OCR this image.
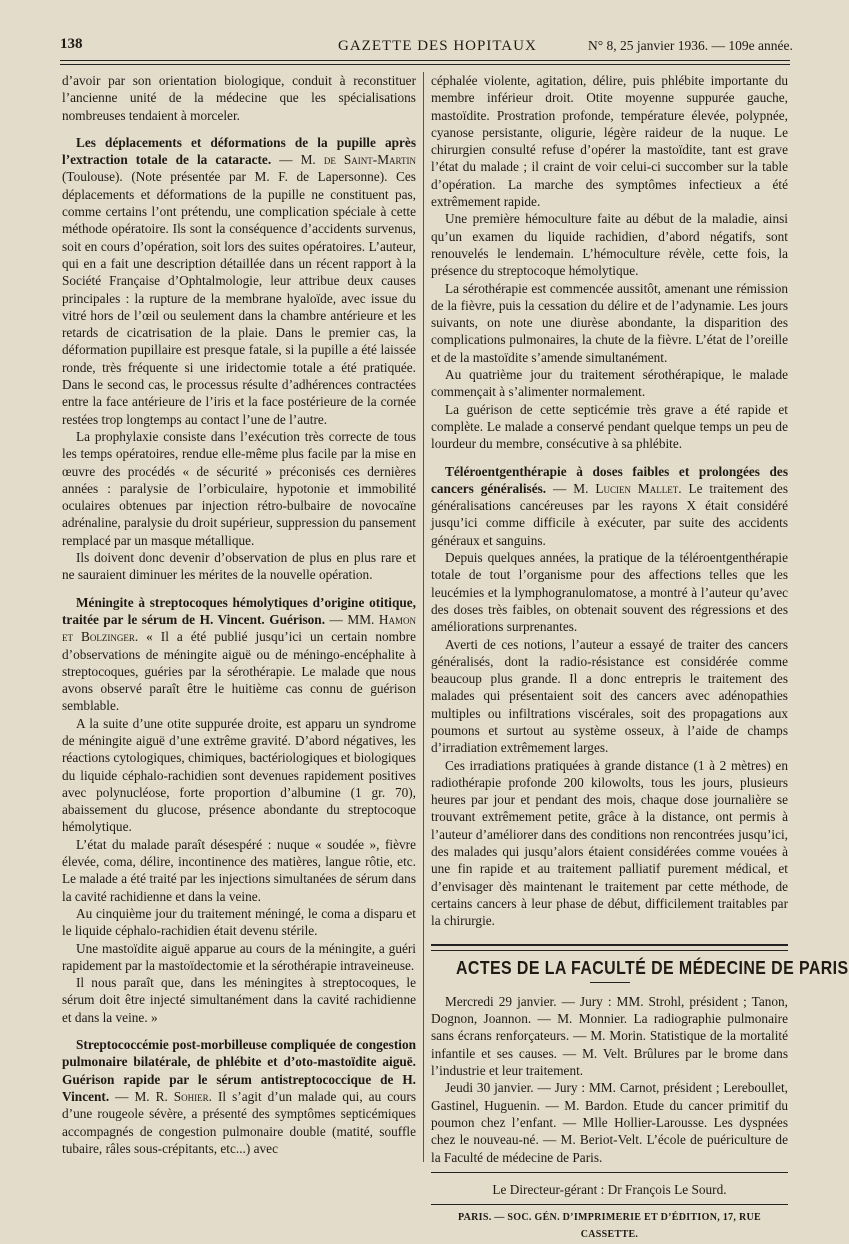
138	GAZETTE DES HOPITAUX	N° 8, 25 janvier 1936. — 109e année.

d’avoir par son orientation biologique, conduit à reconstituer l’ancienne unité de la médecine que les spécialisations nombreuses tendaient à morceler.

Les déplacements et déformations de la pupille après l’extraction totale de la cataracte. — M. de Saint-Martin (Toulouse). (Note présentée par M. F. de Lapersonne). Ces déplacements et déformations de la pupille ne constituent pas, comme certains l’ont prétendu, une complication spéciale à cette méthode opératoire. Ils sont la conséquence d’accidents survenus, soit en cours d’opération, soit lors des suites opératoires. L’auteur, qui en a fait une description détaillée dans un récent rapport à la Société Française d’Ophtalmologie, leur attribue deux causes principales : la rupture de la membrane hyaloïde, avec issue du vitré hors de l’œil ou seulement dans la chambre antérieure et les retards de cicatrisation de la plaie. Dans le premier cas, la déformation pupillaire est presque fatale, si la pupille a été laissée ronde, très fréquente si une iridectomie totale a été pratiquée. Dans le second cas, le processus résulte d’adhérences contractées entre la face antérieure de l’iris et la face postérieure de la cornée restées trop longtemps au contact l’une de l’autre.

La prophylaxie consiste dans l’exécution très correcte de tous les temps opératoires, rendue elle-même plus facile par la mise en œuvre des procédés « de sécurité » préconisés ces dernières années : paralysie de l’orbiculaire, hypotonie et immobilité oculaires obtenues par injection rétro-bulbaire de novocaïne adrénaline, paralysie du droit supérieur, suppression du pansement remplacé par un masque métallique.

Ils doivent donc devenir d’observation de plus en plus rare et ne sauraient diminuer les mérites de la nouvelle opération.

Méningite à streptocoques hémolytiques d’origine otitique, traitée par le sérum de H. Vincent. Guérison. — MM. Hamon et Bolzinger. « Il a été publié jusqu’ici un certain nombre d’observations de méningite aiguë ou de méningo-encéphalite à streptocoques, guéries par la sérothérapie. Le malade que nous avons observé paraît être le huitième cas connu de guérison semblable.

A la suite d’une otite suppurée droite, est apparu un syndrome de méningite aiguë d’une extrême gravité. D’abord négatives, les réactions cytologiques, chimiques, bactériologiques et biologiques du liquide céphalo-rachidien sont devenues rapidement positives avec polynucléose, forte proportion d’albumine (1 gr. 70), abaissement du glucose, présence abondante du streptocoque hémolytique.

L’état du malade paraît désespéré : nuque « soudée », fièvre élevée, coma, délire, incontinence des matières, langue rôtie, etc. Le malade a été traité par les injections simultanées de sérum dans la cavité rachidienne et dans la veine.

Au cinquième jour du traitement méningé, le coma a disparu et le liquide céphalo-rachidien était devenu stérile.

Une mastoïdite aiguë apparue au cours de la méningite, a guéri rapidement par la mastoïdectomie et la sérothérapie intraveineuse.

Il nous paraît que, dans les méningites à streptocoques, le sérum doit être injecté simultanément dans la cavité rachidienne et dans la veine. »

Streptococcémie post-morbilleuse compliquée de congestion pulmonaire bilatérale, de phlébite et d’oto-mastoïdite aiguë. Guérison rapide par le sérum antistreptococcique de H. Vincent. — M. R. Sohier. Il s’agit d’un malade qui, au cours d’une rougeole sévère, a présenté des symptômes septicémiques accompagnés de congestion pulmonaire double (matité, souffle tubaire, râles sous-crépitants, etc...) avec

céphalée violente, agitation, délire, puis phlébite importante du membre inférieur droit. Otite moyenne suppurée gauche, mastoïdite. Prostration profonde, température élevée, polypnée, cyanose persistante, oligurie, légère raideur de la nuque. Le chirurgien consulté refuse d’opérer la mastoïdite, tant est grave l’état du malade ; il craint de voir celui-ci succomber sur la table d’opération. La marche des symptômes infectieux a été extrêmement rapide.

Une première hémoculture faite au début de la maladie, ainsi qu’un examen du liquide rachidien, d’abord négatifs, sont renouvelés le lendemain. L’hémoculture révèle, cette fois, la présence du streptocoque hémolytique.

La sérothérapie est commencée aussitôt, amenant une rémission de la fièvre, puis la cessation du délire et de l’adynamie. Les jours suivants, on note une diurèse abondante, la disparition des complications pulmonaires, la chute de la fièvre. L’état de l’oreille et de la mastoïdite s’amende simultanément.

Au quatrième jour du traitement sérothérapique, le malade commençait à s’alimenter normalement.

La guérison de cette septicémie très grave a été rapide et complète. Le malade a conservé pendant quelque temps un peu de lourdeur du membre, consécutive à sa phlébite.

Téléroentgenthérapie à doses faibles et prolongées des cancers généralisés. — M. Lucien Mallet. Le traitement des généralisations cancéreuses par les rayons X était considéré jusqu’ici comme difficile à exécuter, par suite des accidents généraux et sanguins.

Depuis quelques années, la pratique de la téléroentgenthérapie totale de tout l’organisme pour des affections telles que les leucémies et la lymphogranulomatose, a montré à l’auteur qu’avec des doses très faibles, on obtenait souvent des régressions et des améliorations surprenantes.

Averti de ces notions, l’auteur a essayé de traiter des cancers généralisés, dont la radio-résistance est considérée comme beaucoup plus grande. Il a donc entrepris le traitement des malades qui présentaient soit des cancers avec adénopathies multiples ou infiltrations viscérales, soit des propagations aux poumons et surtout au système osseux, à l’aide de champs d’irradiation extrêmement larges.

Ces irradiations pratiquées à grande distance (1 à 2 mètres) en radiothérapie profonde 200 kilowolts, tous les jours, plusieurs heures par jour et pendant des mois, chaque dose journalière se trouvant extrêmement petite, grâce à la distance, ont permis à l’auteur d’améliorer dans des conditions non rencontrées jusqu’ici, des malades qui jusqu’alors étaient considérées comme vouées à une fin rapide et au traitement palliatif purement médical, et d’envisager dès maintenant le traitement par cette méthode, de certains cancers à leur phase de début, difficilement traitables par la chirurgie.

ACTES DE LA FACULTÉ DE MÉDECINE DE PARIS

Mercredi 29 janvier. — Jury : MM. Strohl, président ; Tanon, Dognon, Joannon. — M. Monnier. La radiographie pulmonaire sans écrans renforçateurs. — M. Morin. Statistique de la mortalité infantile et ses causes. — M. Velt. Brûlures par le brome dans l’industrie et leur traitement.

Jeudi 30 janvier. — Jury : MM. Carnot, président ; Lereboullet, Gastinel, Huguenin. — M. Bardon. Etude du cancer primitif du poumon chez l’enfant. — Mlle Hollier-Larousse. Les dyspnées chez le nouveau-né. — M. Beriot-Velt. L’école de puériculture de la Faculté de médecine de Paris.

Le Directeur-gérant : Dr François Le Sourd.
PARIS. — SOC. GÉN. D’IMPRIMERIE ET D’ÉDITION, 17, RUE CASSETTE.
